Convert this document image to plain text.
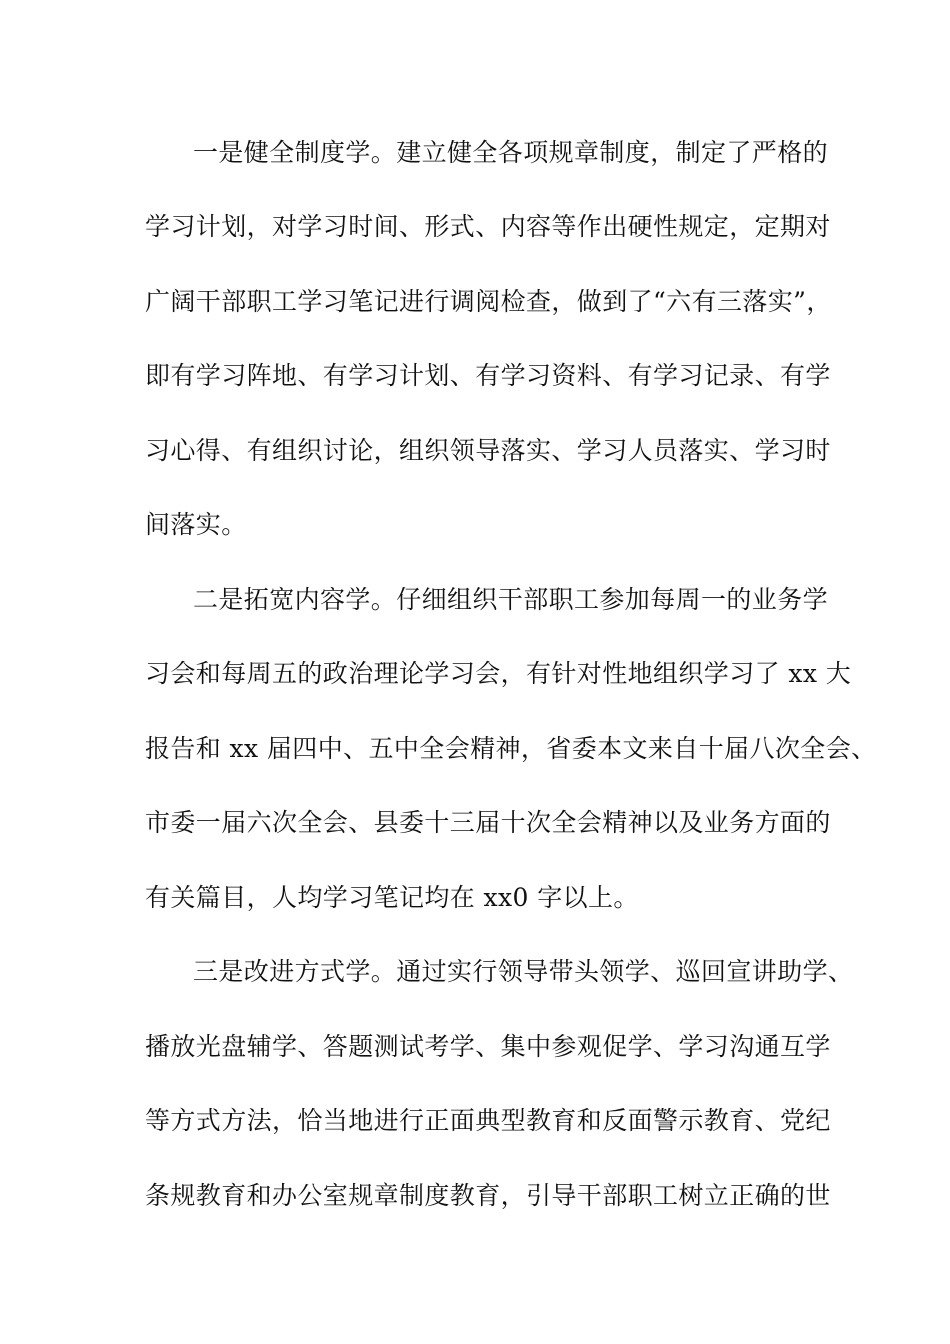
一是健全制度学。建立健全各项规章制度，制定了严格的
学习计划，对学习时间、形式、内容等作出硬性规定，定期对
广阔干部职工学习笔记进行调阅检查，做到了“六有三落实”，
即有学习阵地、有学习计划、有学习资料、有学习记录、有学
习心得、有组织讨论，组织领导落实、学习人员落实、学习时
间落实。
二是拓宽内容学。仔细组织干部职工参加每周一的业务学
习会和每周五的政治理论学习会，有针对性地组织学习了 xx 大
报告和 xx 届四中、五中全会精神，省委本文来自十届八次全会、
市委一届六次全会、县委十三届十次全会精神以及业务方面的
有关篇目，人均学习笔记均在 xx0 字以上。
三是改进方式学。通过实行领导带头领学、巡回宣讲助学、
播放光盘辅学、答题测试考学、集中参观促学、学习沟通互学
等方式方法，恰当地进行正面典型教育和反面警示教育、党纪
条规教育和办公室规章制度教育，引导干部职工树立正确的世
